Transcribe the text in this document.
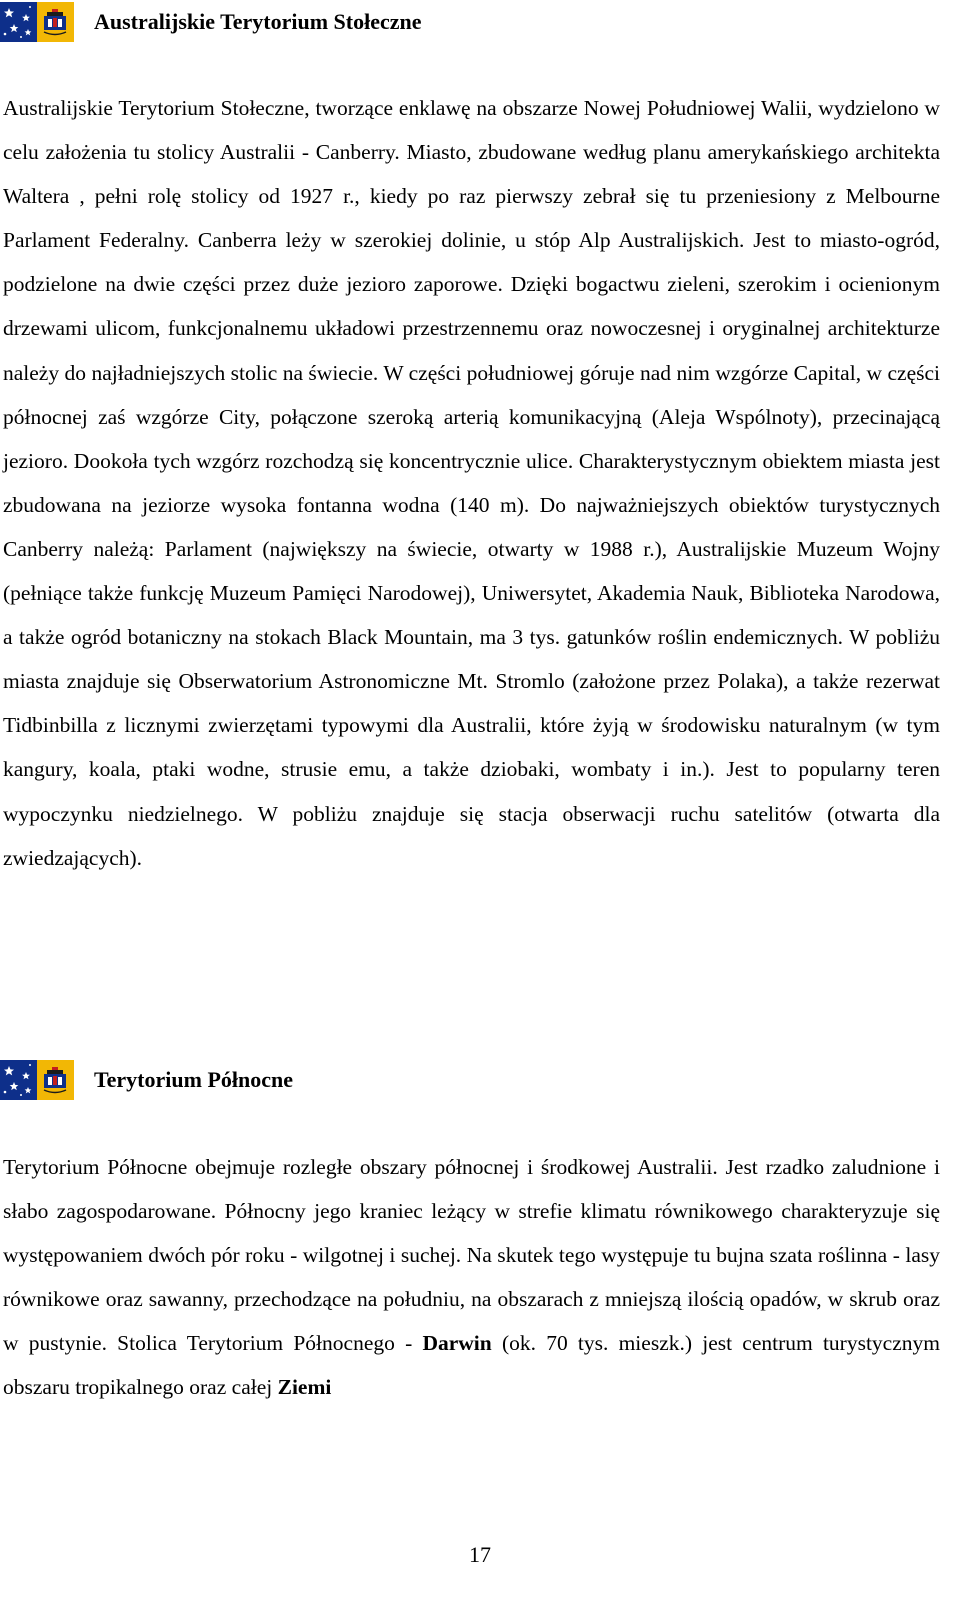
Australijskie Terytorium Stołeczne

Australijskie Terytorium Stołeczne, tworzące enklawę na obszarze Nowej Południowej Walii, wydzielono w celu założenia tu stolicy Australii - Canberry. Miasto, zbudowane według planu amerykańskiego architekta Waltera , pełni rolę stolicy od 1927 r., kiedy po raz pierwszy zebrał się tu przeniesiony z Melbourne Parlament Federalny. Canberra leży w szerokiej dolinie, u stóp Alp Australijskich. Jest to miasto-ogród, podzielone na dwie części przez duże jezioro zaporowe. Dzięki bogactwu zieleni, szerokim i ocienionym drzewami ulicom, funkcjonalnemu układowi przestrzennemu oraz nowoczesnej i oryginalnej architekturze należy do najładniejszych stolic na świecie. W części południowej góruje nad nim wzgórze Capital, w części północnej zaś wzgórze City, połączone szeroką arterią komunikacyjną (Aleja Wspólnoty), przecinającą jezioro. Dookoła tych wzgórz rozchodzą się koncentrycznie ulice. Charakterystycznym obiektem miasta jest zbudowana na jeziorze wysoka fontanna wodna (140 m). Do najważniejszych obiektów turystycznych Canberry należą: Parlament (największy na świecie, otwarty w 1988 r.), Australijskie Muzeum Wojny (pełniące także funkcję Muzeum Pamięci Narodowej), Uniwersytet, Akademia Nauk, Biblioteka Narodowa, a także ogród botaniczny na stokach Black Mountain, ma 3 tys. gatunków roślin endemicznych. W pobliżu miasta znajduje się Obserwatorium Astronomiczne Mt. Stromlo (założone przez Polaka), a także rezerwat Tidbinbilla z licznymi zwierzętami typowymi dla Australii, które żyją w środowisku naturalnym (w tym kangury, koala, ptaki wodne, strusie emu, a także dziobaki, wombaty i in.). Jest to popularny teren wypoczynku niedzielnego. W pobliżu znajduje się stacja obserwacji ruchu satelitów (otwarta dla zwiedzających).

Terytorium Północne

Terytorium Północne obejmuje rozległe obszary północnej i środkowej Australii. Jest rzadko zaludnione i słabo zagospodarowane. Północny jego kraniec leżący w strefie klimatu równikowego charakteryzuje się występowaniem dwóch pór roku - wilgotnej i suchej. Na skutek tego występuje tu bujna szata roślinna - lasy równikowe oraz sawanny, przechodzące na południu, na obszarach z mniejszą ilością opadów, w skrub oraz w pustynie. Stolica Terytorium Północnego - Darwin (ok. 70 tys. mieszk.) jest centrum turystycznym obszaru tropikalnego oraz całej Ziemi

17
